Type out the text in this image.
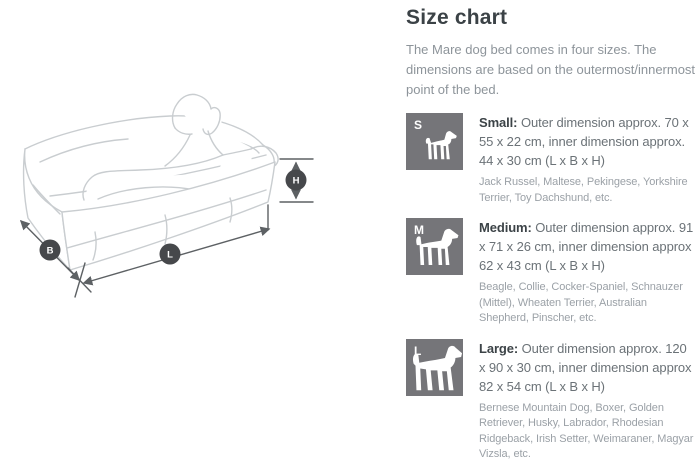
B	L
H
Size chart

The Mare dog bed comes in four sizes. The dimensions are based on the outermost/innermost point of the bed.

S	Small: Outer dimension approx. 70 x 55 x 22 cm, inner dimension approx. 44 x 30 cm (L x B x H)

Jack Russel, Maltese, Pekingese, Yorkshire Terrier, Toy Dachshund, etc.

M	Medium: Outer dimension approx. 91 x 71 x 26 cm, inner dimension approx 62 x 43 cm (L x B x H)

Beagle, Collie, Cocker-Spaniel, Schnauzer (Mittel), Wheaten Terrier, Australian Shepherd, Pinscher, etc.

L	Large: Outer dimension approx. 120 x 90 x 30 cm, inner dimension approx 82 x 54 cm (L x B x H)

Bernese Mountain Dog, Boxer, Golden Retriever, Husky, Labrador, Rhodesian Ridgeback, Irish Setter, Weimaraner, Magyar Vizsla, etc.
